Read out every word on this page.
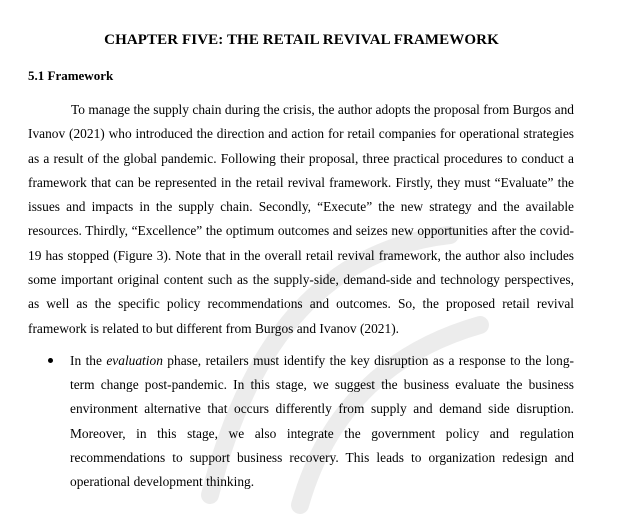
CHAPTER FIVE: THE RETAIL REVIVAL FRAMEWORK
5.1 Framework

To manage the supply chain during the crisis, the author adopts the proposal from Burgos and Ivanov (2021) who introduced the direction and action for retail companies for operational strategies as a result of the global pandemic. Following their proposal, three practical procedures to conduct a framework that can be represented in the retail revival framework. Firstly, they must “Evaluate” the issues and impacts in the supply chain. Secondly, “Execute” the new strategy and the available resources. Thirdly, “Excellence” the optimum outcomes and seizes new opportunities after the covid-19 has stopped (Figure 3). Note that in the overall retail revival framework, the author also includes some important original content such as the supply-side, demand-side and technology perspectives, as well as the specific policy recommendations and outcomes. So, the proposed retail revival framework is related to but different from Burgos and Ivanov (2021).

In the evaluation phase, retailers must identify the key disruption as a response to the long-term change post-pandemic. In this stage, we suggest the business evaluate the business environment alternative that occurs differently from supply and demand side disruption. Moreover, in this stage, we also integrate the government policy and regulation recommendations to support business recovery. This leads to organization redesign and operational development thinking.
